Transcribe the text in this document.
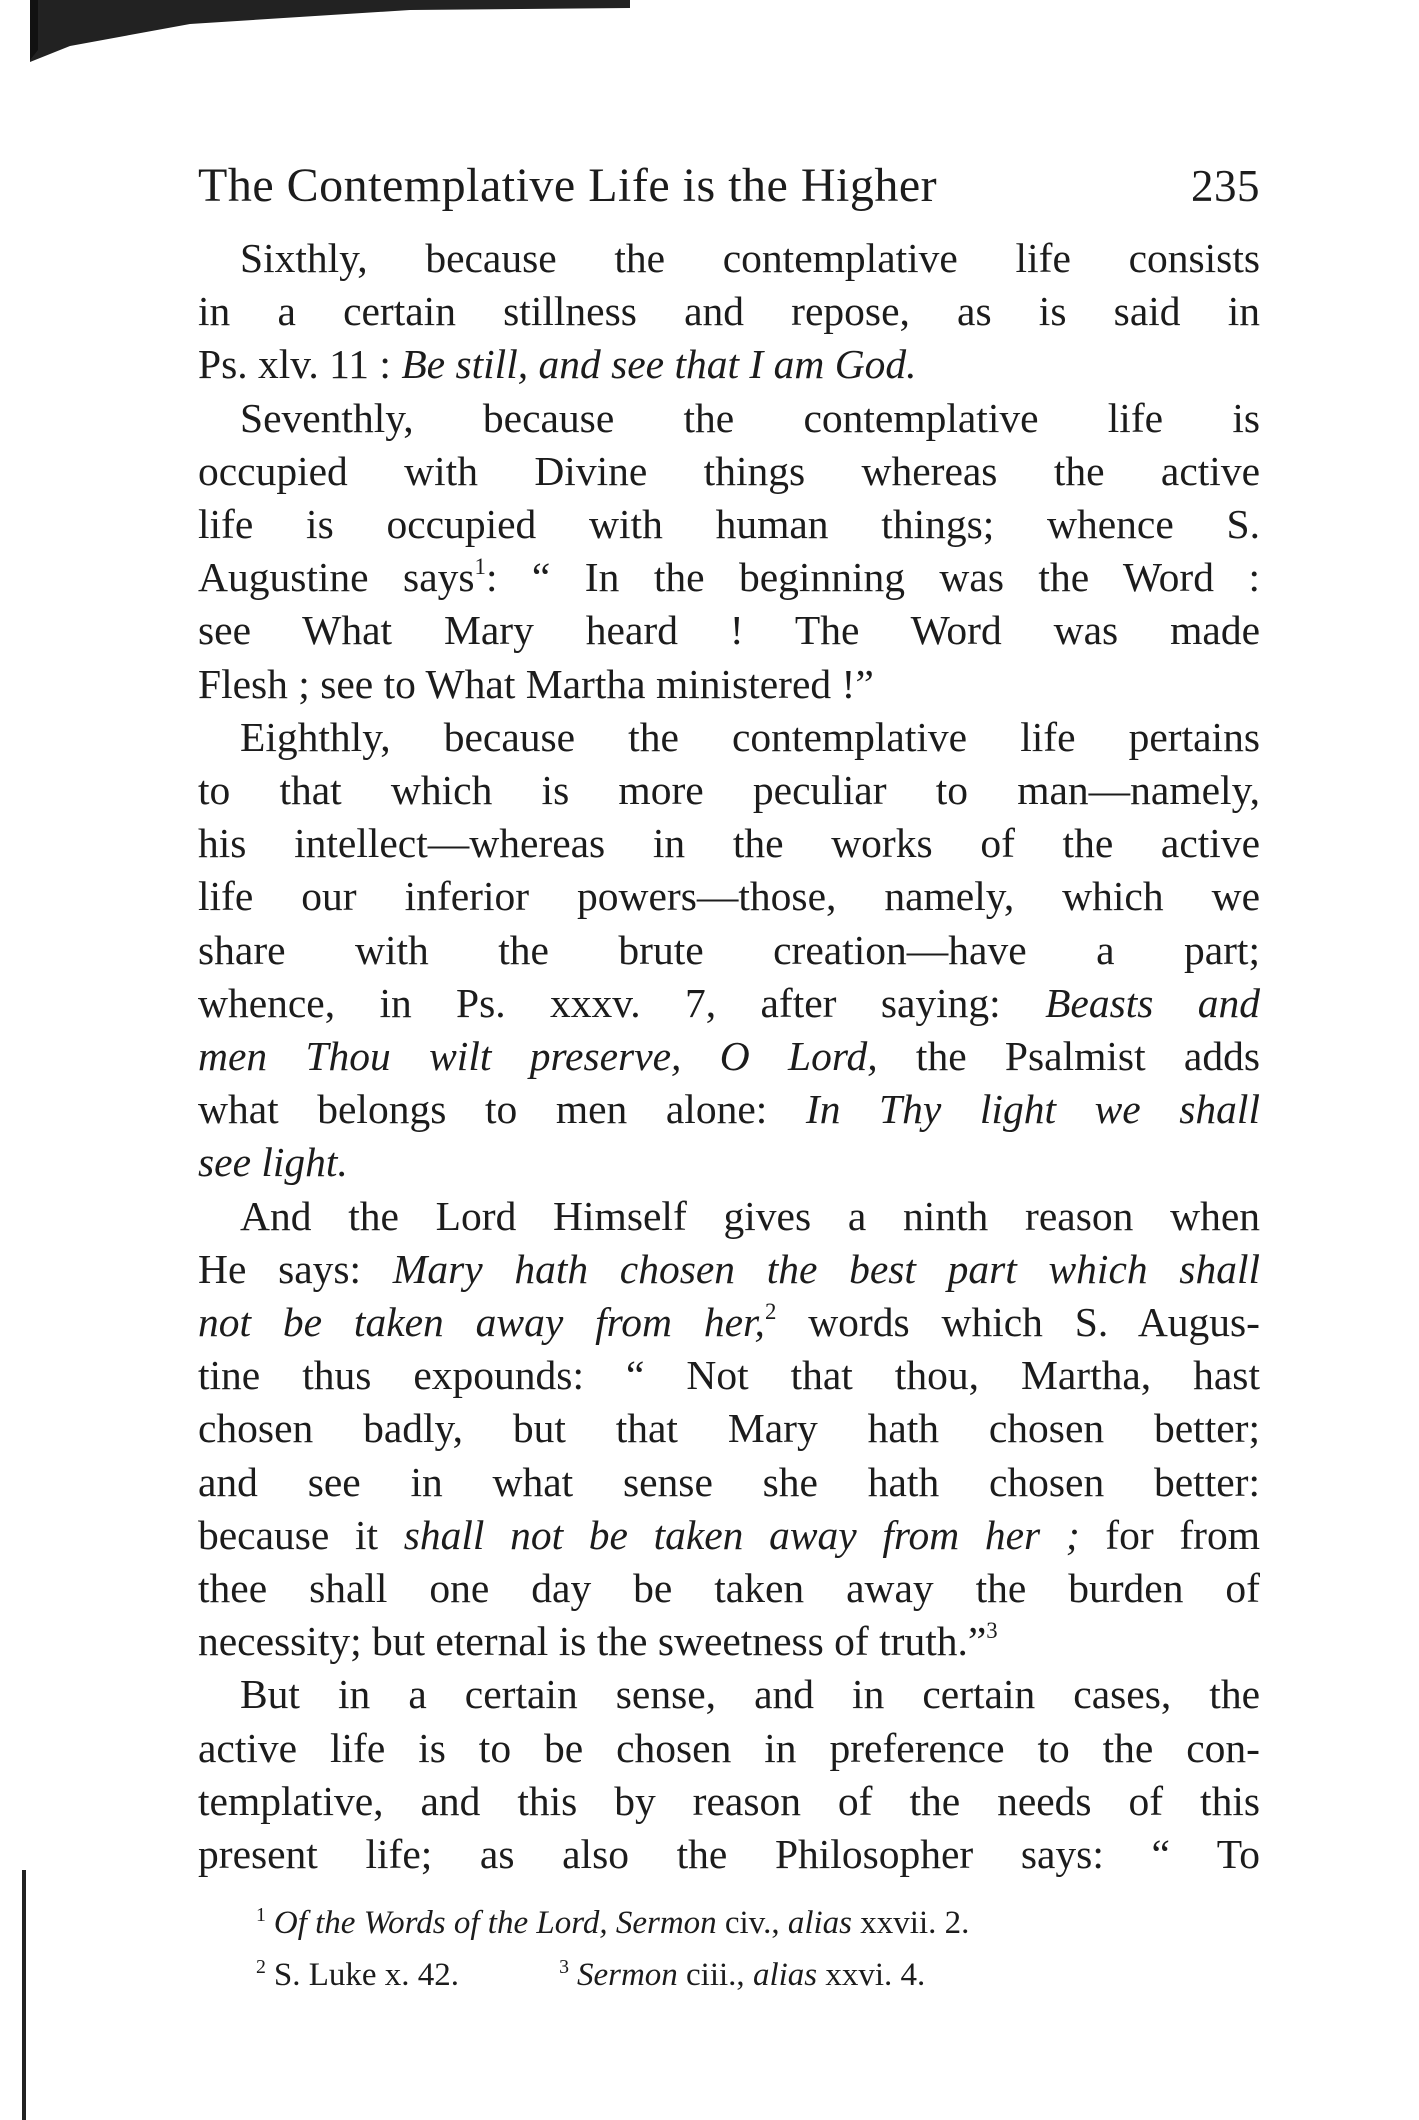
The Contemplative Life is the Higher	235
Sixthly, because the contemplative life consists
in a certain stillness and repose, as is said in
Ps. xlv. 11 : Be still, and see that I am God.
Seventhly, because the contemplative life is
occupied with Divine things whereas the active
life is occupied with human things; whence S.
Augustine says$^1$: “ In the beginning was the Word :
see What Mary heard ! The Word was made
Flesh ; see to What Martha ministered !”
Eighthly, because the contemplative life pertains
to that which is more peculiar to man—namely,
his intellect—whereas in the works of the active
life our inferior powers—those, namely, which we
share with the brute creation—have a part;
whence, in Ps. xxxv. 7, after saying: Beasts and
men Thou wilt preserve, O Lord, the Psalmist adds
what belongs to men alone: In Thy light we shall
see light.
And the Lord Himself gives a ninth reason when
He says: Mary hath chosen the best part which shall
not be taken away from her,$^2$ words which S. Augus-
tine thus expounds: “ Not that thou, Martha, hast
chosen badly, but that Mary hath chosen better;
and see in what sense she hath chosen better:
because it shall not be taken away from her ; for from
thee shall one day be taken away the burden of
necessity; but eternal is the sweetness of truth.”$^3$
But in a certain sense, and in certain cases, the
active life is to be chosen in preference to the con-
templative, and this by reason of the needs of this
present life; as also the Philosopher says: “ To
$^1$ Of the Words of the Lord, Sermon civ., alias xxvii. 2.
$^2$ S. Luke x. 42.	$^3$ Sermon ciii., alias xxvi. 4.
